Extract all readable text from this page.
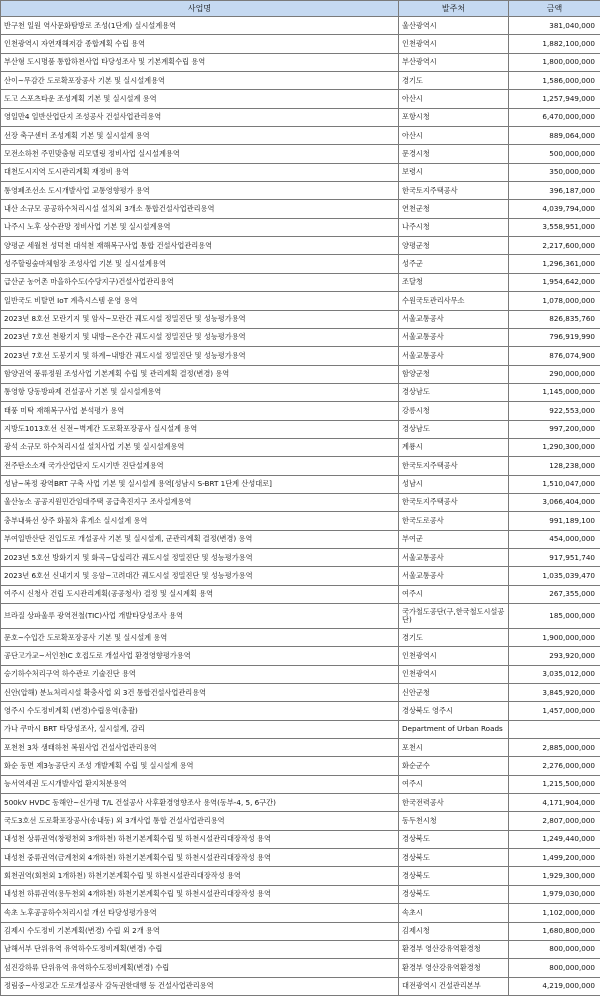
사업명	발주처	금액
반구천 일원 역사문화탐방로 조성(1단계) 실시설계용역	울산광역시	381,040,000
인천광역시 자연재해저감 종합계획 수립 용역	인천광역시	1,882,100,000
부산형 도시명품 통합하천사업 타당성조사 및 기본계획수립 용역	부산광역시	1,800,000,000
산이~무감간 도로확포장공사 기본 및 실시설계용역	경기도	1,586,000,000
도고 스포츠타운 조성계획 기본 및 실시설계 용역	아산시	1,257,949,000
영일만4 일반산업단지 조성공사 건설사업관리용역	포항시청	6,470,000,000
선장 축구센터 조성계획 기본 및 실시설계 용역	아산시	889,064,000
모전소하천 주민맞춤형 리모델링 정비사업 실시설계용역	문경시청	500,000,000
대천도시지역 도시관리계획 재정비 용역	보령시	350,000,000
통영폐조선소 도시개발사업 교통영향평가 용역	한국토지주택공사	396,187,000
내산 소규모 공공하수처리시설 설치외 3개소 통합건설사업관리용역	연천군청	4,039,794,000
나주시 노후 상수관망 정비사업 기본 및 실시설계용역	나주시청	3,558,951,000
양평군 세월천 성덕천 대석천 재해복구사업 통합 건설사업관리용역	양평군청	2,217,600,000
성주할링숲마체험장 조성사업 기본 및 실시설계용역	성주군	1,296,361,000
급산군 농어촌 마을하수도(수당지구)건설사업관리용역	조달청	1,954,642,000
일반국도 비탈면 IoT 계측시스템 운영 용역	수원국토관리사무소	1,078,000,000
2023년 8호선 모란기지 및 암사~모란간 궤도시설 정밀진단 및 성능평가용역	서울교통공사	826,835,760
2023년 7호선 천왕기지 및 내방~온수간 궤도시설 정밀진단 및 성능평가용역	서울교통공사	796,919,990
2023년 7호선 도봉기지 및 하계~내방간 궤도시설 정밀진단 및 성능평가용역	서울교통공사	876,074,900
함양권역 풍류정원 조성사업 기본계획 수립 및 관리계획 결정(변경) 용역	함양군청	290,000,000
통영항 당동방파제 건설공사 기본 및 실시설계용역	경상남도	1,145,000,000
태풍 미탁 재해복구사업 분석평가 용역	강릉시청	922,553,000
지방도1013호선 신전~벽계간 도로확포장공사 실시설계 용역	경상남도	997,200,000
광석 소규모 하수처리시설 설치사업 기본 및 실시설계용역	계룡시	1,290,300,000
전주탄소소재 국가산업단지 도시기반 진단설계용역	한국토지주택공사	128,238,000
성남~복정 광역BRT 구축 사업 기본 및 실시설계 용역[성남시 S-BRT 1단계 산성대로]	성남시	1,510,047,000
울산농소 공공지원민간임대주택 공급촉진지구 조사설계용역	한국토지주택공사	3,066,404,000
충부내륙선 상주 화물차 휴게소 실시설계 용역	한국도로공사	991,189,100
부여일반산단 진입도로 개설공사 기본 및 실시설계, 군관리계획 결정(변경) 용역	부여군	454,000,000
2023년 5호선 방화기지 및 화곡~답십리간 궤도시설 정밀진단 및 성능평가용역	서울교통공사	917,951,740
2023년 6호선 신내기지 및 응암~고려대간 궤도시설 정밀진단 및 성능평가용역	서울교통공사	1,035,039,470
여주시 신청사 건립 도시관리계획(공공청사) 결정 및 실시계획 용역	여주시	267,355,000
브라질 상파울루 광역전철(TIC)사업 개발타당성조사 용역	국가철도공단(구,한국철도시설공단)	185,000,000
문호~수입간 도로확포장공사 기본 및 실시설계 용역	경기도	1,900,000,000
공단고가교~서인천IC 호접도로 개설사업 환경영향평가용역	인천광역시	293,920,000
승기하수처리구역 하수관로 기술진단 용역	인천광역시	3,035,012,000
신안(압해) 분뇨처리시설 확충사업 외 3건 통합건설사업관리용역	신안군청	3,845,920,000
영주시 수도정비계획 (변경)수립용역(총괄)	경상북도 영주시	1,457,000,000
가나 쿠마시 BRT 타당성조사, 실시설계, 감리	Department of Urban Roads	
포천천 3차 생태하천 복원사업 건설사업관리용역	포천시	2,885,000,000
화순 동면 제3농공단지 조성 개발계획 수립 및 실시설계 용역	화순군수	2,276,000,000
능서역세권 도시개발사업 환지처분용역	여주시	1,215,500,000
500kV HVDC 동해안~신가평 T/L 건설공사 사후환경영향조사 용역(동부-4, 5, 6구간)	한국전력공사	4,171,904,000
국도3호선 도로확포장공사(송내동) 외 3개사업 통합 건설사업관리용역	동두천시청	2,807,000,000
내성천 상류권역(창평천외 3개하천) 하천기본계획수립 및 하천시설관리대장작성 용역	경상북도	1,249,440,000
내성천 중류권역(금계천외 4개하천) 하천기본계획수립 및 하천시설관리대장작성 용역	경상북도	1,499,200,000
회천권역(회천외 1개하천) 하천기본계획수립 및 하천시설관리대장작성 용역	경상북도	1,929,300,000
내성천 하류권역(용두천외 4개하천) 하천기본계획수립 및 하천시설관리대장작성 용역	경상북도	1,979,030,000
속초 노후공공하수처리시설 개선 타당성평가용역	속초시	1,102,000,000
김제시 수도정비 기본계획(변경) 수립 외 2개 용역	김제시청	1,680,800,000
남해서부 단위유역 유역하수도정비계획(변경) 수립	환경부 영산강유역환경청	800,000,000
섬진강하류 단위유역 유역하수도정비계획(변경) 수립	환경부 영산강유역환경청	800,000,000
정림중~사정교간 도로개설공사 감독권한대행 등 건설사업관리용역	대전광역시 건설관리본부	4,219,000,000
